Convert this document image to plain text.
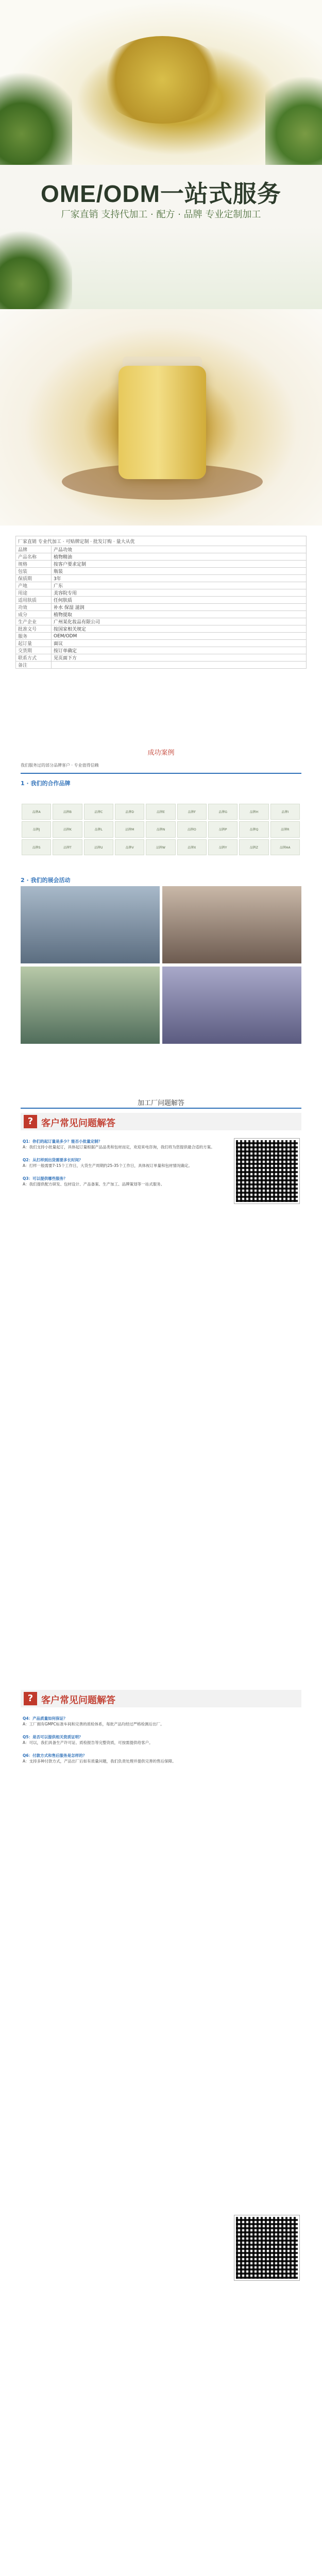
OME/ODM一站式服务
厂家直销 支持代加工 · 配方 · 品牌 专业定制加工
厂家直销 专业代加工 · 可贴牌定制 · 批发订购 · 量大从优	
品牌	产品功效
产品名称	植物精油
规格	按客户要求定制
包装	瓶装
保质期	3年
产地	广东
用途	美容院专用
适用肤质	任何肤质
功效	补水 保湿 滋润
成分	植物提取
生产企业	广州某化妆品有限公司
批准文号	按国家相关规定
服务	OEM/ODM
起订量	面议
交货期	按订单确定
联系方式	见页面下方
备注	
成功案例
我们服务过的部分品牌客户 · 专业值得信赖
1 · 我们的合作品牌
品牌A	品牌B	品牌C	品牌D	品牌E	品牌F	品牌G	品牌H	品牌I
品牌J	品牌K	品牌L	品牌M	品牌N	品牌O	品牌P	品牌Q	品牌R
品牌S	品牌T	品牌U	品牌V	品牌W	品牌X	品牌Y	品牌Z	品牌AA
2 · 我们的展会活动
加工厂问题解答
? 客户常见问题解答
Q1：你们的起订量是多少？能否小批量定制？
A：我们支持小批量起订，具体起订量根据产品品类和包材而定，欢迎来电咨询，我们将为您提供最合适的方案。
Q2：从打样到出货需要多长时间？
A：打样一般需要7-15个工作日，大货生产周期约25-35个工作日，具体视订单量和包材情况确定。
Q3：可以提供哪些服务？
A：我们提供配方研发、包材设计、产品备案、生产加工、品牌策划等一站式服务。
? 客户常见问题解答
Q4：产品质量如何保证？
A：工厂拥有GMPC标准车间和完善的质检体系，每批产品均经过严格检测后出厂。
Q5：是否可以提供相关资质证明？
A：可以，我们具备生产许可证、质检报告等完整资质，可按需提供给客户。
Q6：付款方式和售后服务是怎样的？
A：支持多种付款方式，产品出厂后如有质量问题，我们负责处理并提供完善的售后保障。
